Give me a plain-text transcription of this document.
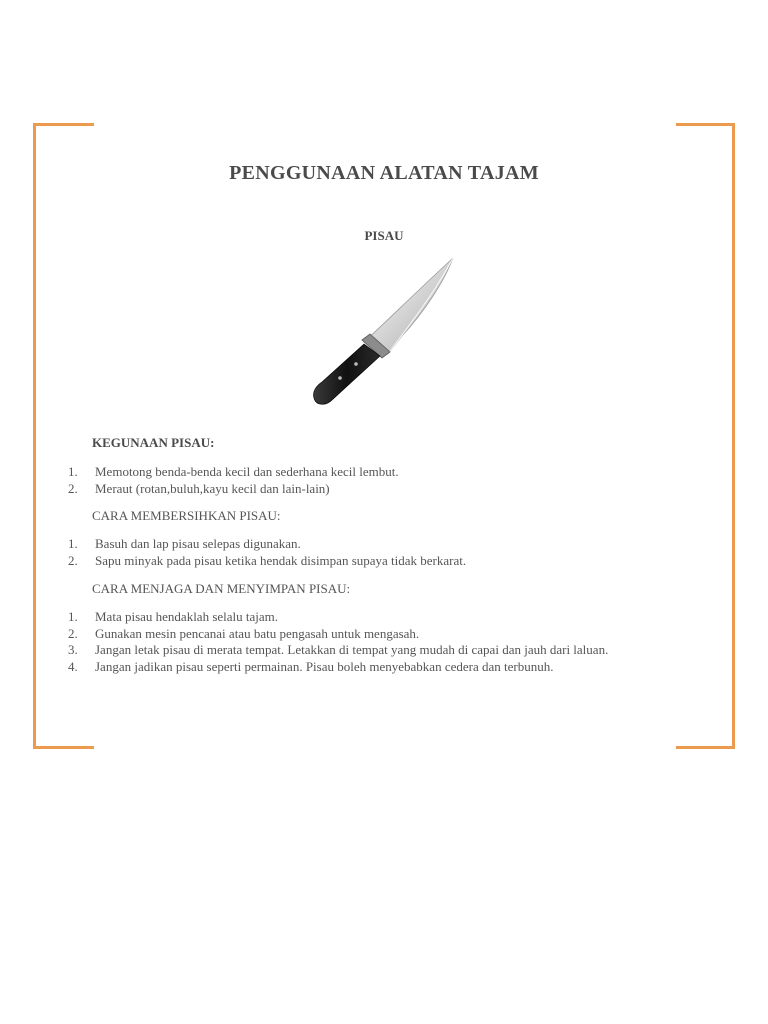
PENGGUNAAN ALATAN TAJAM
PISAU
KEGUNAAN PISAU:
1. Memotong benda-benda kecil dan sederhana kecil lembut.
2. Meraut (rotan,buluh,kayu kecil dan lain-lain)
CARA MEMBERSIHKAN PISAU:
1. Basuh dan lap pisau selepas digunakan.
2. Sapu minyak pada pisau ketika hendak disimpan supaya tidak berkarat.
CARA MENJAGA DAN MENYIMPAN PISAU:
1. Mata pisau hendaklah selalu tajam.
2. Gunakan mesin pencanai atau batu pengasah untuk mengasah.
3. Jangan letak pisau di merata tempat. Letakkan di tempat yang mudah di capai dan jauh dari laluan.
4. Jangan jadikan pisau seperti permainan. Pisau boleh menyebabkan cedera dan terbunuh.
